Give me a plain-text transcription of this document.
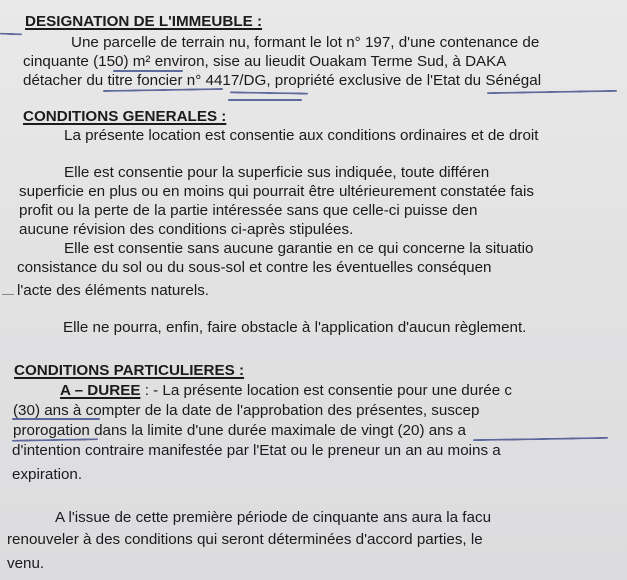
DESIGNATION DE L'IMMEUBLE :
Une parcelle de terrain nu, formant le lot n° 197, d'une contenance de
cinquante (150) m² environ, sise au lieudit Ouakam Terme Sud, à DAKA
détacher du titre foncier n° 4417/DG, propriété exclusive de l'Etat du Sénégal
CONDITIONS GENERALES :
La présente location est consentie aux conditions ordinaires et de droit
Elle est consentie pour la superficie sus indiquée, toute différen
superficie en plus ou en moins qui pourrait être ultérieurement constatée fais
profit ou la perte de la partie intéressée sans que celle-ci puisse den
aucune révision des conditions ci-après stipulées.
Elle est consentie sans aucune garantie en ce qui concerne la situatio
consistance du sol ou du sous-sol et contre les éventuelles conséquen
l'acte des éléments naturels.
Elle ne pourra, enfin, faire obstacle à l'application d'aucun règlement.
CONDITIONS PARTICULIERES :
A – DUREE : - La présente location est consentie pour une durée c
(30) ans à compter de la date de l'approbation des présentes, suscep
prorogation dans la limite d'une durée maximale de vingt (20) ans a
d'intention contraire manifestée par l'Etat ou le preneur un an au moins a
expiration.
A l'issue de cette première période de cinquante ans aura la facu
renouveler à des conditions qui seront déterminées d'accord parties, le
venu.
